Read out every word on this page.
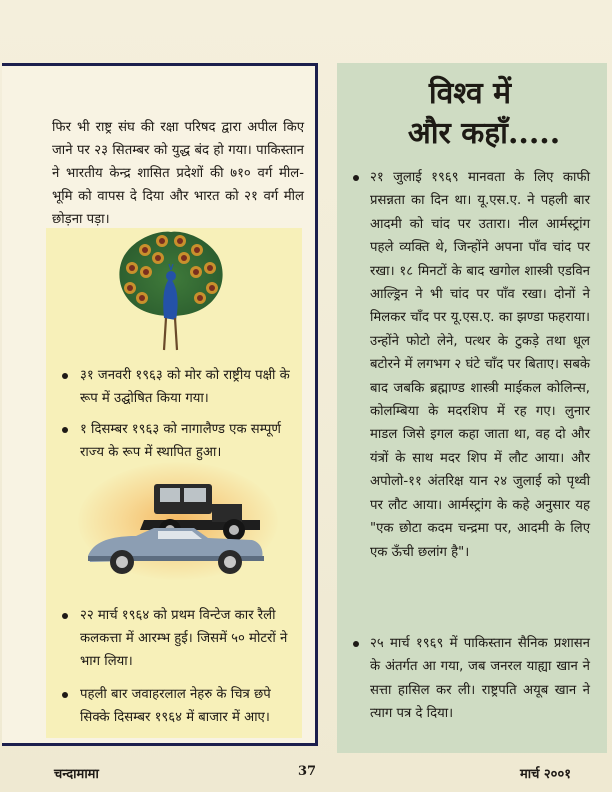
फिर भी राष्ट्र संघ की रक्षा परिषद द्वारा अपील किए जाने पर २३ सितम्बर को युद्ध बंद हो गया। पाकिस्तान ने भारतीय केन्द्र शासित प्रदेशों की ७१० वर्ग मील-भूमि को वापस दे दिया और भारत को २१ वर्ग मील छोड़ना पड़ा।

३१ जनवरी १९६३ को मोर को राष्ट्रीय पक्षी के रूप में उद्घोषित किया गया।

१ दिसम्बर १९६३ को नागालैण्ड एक सम्पूर्ण राज्य के रूप में स्थापित हुआ।

२२ मार्च १९६४ को प्रथम विन्टेज कार रैली कलकत्ता में आरम्भ हुई। जिसमें ५० मोटरों ने भाग लिया।

पहली बार जवाहरलाल नेहरु के चित्र छपे सिक्के दिसम्बर १९६४ में बाजार में आए।

विश्व में
और कहाँ.....

२१ जुलाई १९६९ मानवता के लिए काफी प्रसन्नता का दिन था। यू.एस.ए. ने पहली बार आदमी को चांद पर उतारा। नील आर्मस्ट्रांग पहले व्यक्ति थे, जिन्होंने अपना पाँव चांद पर रखा। १८ मिनटों के बाद खगोल शास्त्री एडविन आल्ड्रिन ने भी चांद पर पाँव रखा। दोनों ने मिलकर चाँद पर यू.एस.ए. का झण्डा फहराया। उन्होंने फोटो लेने, पत्थर के टुकड़े तथा धूल बटोरने में लगभग २ घंटे चाँद पर बिताए। सबके बाद जबकि ब्रह्माण्ड शास्त्री माईकल कोलिन्स, कोलम्बिया के मदरशिप में रह गए। लुनार माडल जिसे इगल कहा जाता था, वह दो और यंत्रों के साथ मदर शिप में लौट आया। और अपोलो-११ अंतरिक्ष यान २४ जुलाई को पृथ्वी पर लौट आया। आर्मस्ट्रांग के कहे अनुसार यह "एक छोटा कदम चन्द्रमा पर, आदमी के लिए एक ऊँची छलांग है"।

२५ मार्च १९६९ में पाकिस्तान सैनिक प्रशासन के अंतर्गत आ गया, जब जनरल याह्या खान ने सत्ता हासिल कर ली। राष्ट्रपति अयूब खान ने त्याग पत्र दे दिया।

चन्दामामा	37	मार्च २००१
